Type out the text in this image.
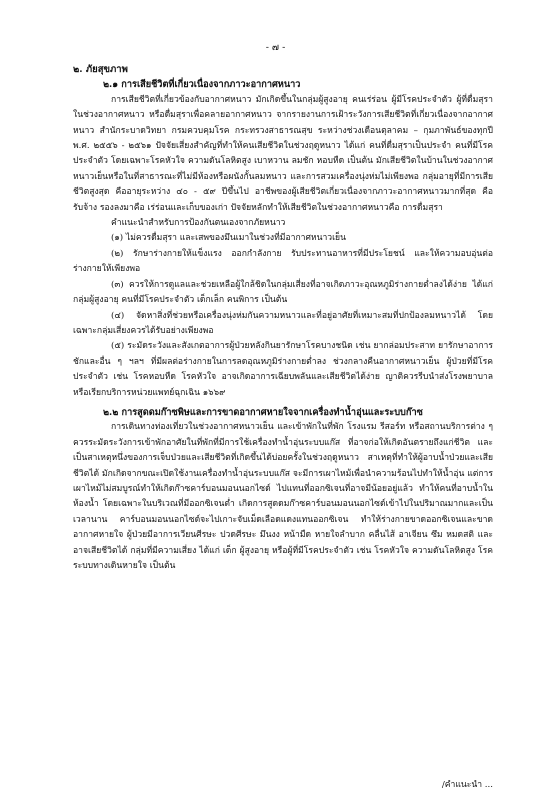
- ๗ -

๒. ภัยสุขภาพ

๒.๑ การเสียชีวิตที่เกี่ยวเนื่องจากภาวะอากาศหนาว

การเสียชีวิตที่เกี่ยวข้องกับอากาศหนาว มักเกิดขึ้นในกลุ่มผู้สูงอายุ คนเร่ร่อน ผู้มีโรคประจำตัว ผู้ที่ดื่มสุราในช่วงอากาศหนาว หรือดื่มสุราเพื่อคลายอากาศหนาว จากรายงานการเฝ้าระวังการเสียชีวิตที่เกี่ยวเนื่องจากอากาศหนาว สำนักระบาดวิทยา กรมควบคุมโรค กระทรวงสาธารณสุข ระหว่างช่วงเดือนตุลาคม – กุมภาพันธ์ของทุกปี พ.ศ. ๒๕๕๖ - ๒๕๖๑ ปัจจัยเสี่ยงสำคัญที่ทำให้คนเสียชีวิตในช่วงฤดูหนาว ได้แก่ คนที่ดื่มสุราเป็นประจำ คนที่มีโรคประจำตัว โดยเฉพาะโรคหัวใจ ความดันโลหิตสูง เบาหวาน ลมชัก หอบหืด เป็นต้น มักเสียชีวิตในบ้านในช่วงอากาศหนาวเย็นหรือในที่สาธารณะที่ไม่มีห้องหรือผนังกั้นลมหนาว และการสวมเครื่องนุ่งห่มไม่เพียงพอ กลุ่มอายุที่มีการเสียชีวิตสูงสุด คืออายุระหว่าง ๔๐ - ๕๙ ปีขึ้นไป อาชีพของผู้เสียชีวิตเกี่ยวเนื่องจากภาวะอากาศหนาวมากที่สุด คือ รับจ้าง รองลงมาคือ เร่ร่อนและเก็บของเก่า ปัจจัยหลักทำให้เสียชีวิตในช่วงอากาศหนาวคือ การดื่มสุรา

คำแนะนำสำหรับการป้องกันตนเองจากภัยหนาว

(๑) ไม่ควรดื่มสุรา และเสพของมึนเมาในช่วงที่มีอากาศหนาวเย็น

(๒) รักษาร่างกายให้แข็งแรง ออกกำลังกาย รับประทานอาหารที่มีประโยชน์ และให้ความอบอุ่นต่อร่างกายให้เพียงพอ

(๓) ควรให้การดูแลและช่วยเหลือผู้ใกล้ชิดในกลุ่มเสี่ยงที่อาจเกิดภาวะอุณหภูมิร่างกายต่ำลงได้ง่าย ได้แก่ กลุ่มผู้สูงอายุ คนที่มีโรคประจำตัว เด็กเล็ก คนพิการ เป็นต้น

(๔) จัดหาสิ่งที่ช่วยหรือเครื่องนุ่งห่มกันความหนาวและที่อยู่อาศัยที่เหมาะสมที่ปกป้องลมหนาวได้ โดยเฉพาะกลุ่มเสี่ยงควรได้รับอย่างเพียงพอ

(๕) ระมัดระวังและสังเกตอาการผู้ป่วยหลังกินยารักษาโรคบางชนิด เช่น ยากล่อมประสาท ยารักษาอาการชักและอื่น ๆ ฯลฯ ที่มีผลต่อร่างกายในการลดอุณหภูมิร่างกายต่ำลง ช่วงกลางคืนอากาศหนาวเย็น ผู้ป่วยที่มีโรคประจำตัว เช่น โรคหอบหืด โรคหัวใจ อาจเกิดอาการเฉียบพลันและเสียชีวิตได้ง่าย ญาติควรรีบนำส่งโรงพยาบาล หรือเรียกบริการหน่วยแพทย์ฉุกเฉิน ๑๖๖๙

๒.๒ การสูดดมก๊าซพิษและการขาดอากาศหายใจจากเครื่องทำน้ำอุ่นและระบบก๊าซ

การเดินทางท่องเที่ยวในช่วงอากาศหนาวเย็น และเข้าพักในที่พัก โรงแรม รีสอร์ท หรือสถานบริการต่าง ๆ ควรระมัดระวังการเข้าพักอาศัยในที่พักที่มีการใช้เครื่องทำน้ำอุ่นระบบแก๊ส ที่อาจก่อให้เกิดอันตรายถึงแก่ชีวิต และเป็นสาเหตุหนึ่งของการเจ็บป่วยและเสียชีวิตที่เกิดขึ้นได้บ่อยครั้งในช่วงฤดูหนาว สาเหตุที่ทำให้ผู้อาบน้ำป่วยและเสียชีวิตได้ มักเกิดจากขณะเปิดใช้งานเครื่องทำน้ำอุ่นระบบแก๊ส จะมีการเผาไหม้เพื่อนำความร้อนไปทำให้น้ำอุ่น แต่การเผาไหม้ไม่สมบูรณ์ทำให้เกิดก๊าซคาร์บอนมอนนอกไซด์ ไปแทนที่ออกซิเจนที่อาจมีน้อยอยู่แล้ว ทำให้คนที่อาบน้ำในห้องน้ำ โดยเฉพาะในบริเวณที่มีออกซิเจนต่ำ เกิดการสูดดมก๊าซคาร์บอนมอนนอกไซด์เข้าไปในปริมาณมากและเป็นเวลานาน คาร์บอนมอนนอกไซด์จะไปเกาะจับเม็ดเลือดแดงแทนออกซิเจน ทำให้ร่างกายขาดออกซิเจนและขาดอากาศหายใจ ผู้ป่วยมีอาการเวียนศีรษะ ปวดศีรษะ มึนงง หน้ามืด หายใจลำบาก คลื่นไส้ อาเจียน ซึม หมดสติ และอาจเสียชีวิตได้ กลุ่มที่มีความเสี่ยง ได้แก่ เด็ก ผู้สูงอายุ หรือผู้ที่มีโรคประจำตัว เช่น โรคหัวใจ ความดันโลหิตสูง โรคระบบทางเดินหายใจ เป็นต้น

/คำแนะนำ ...
